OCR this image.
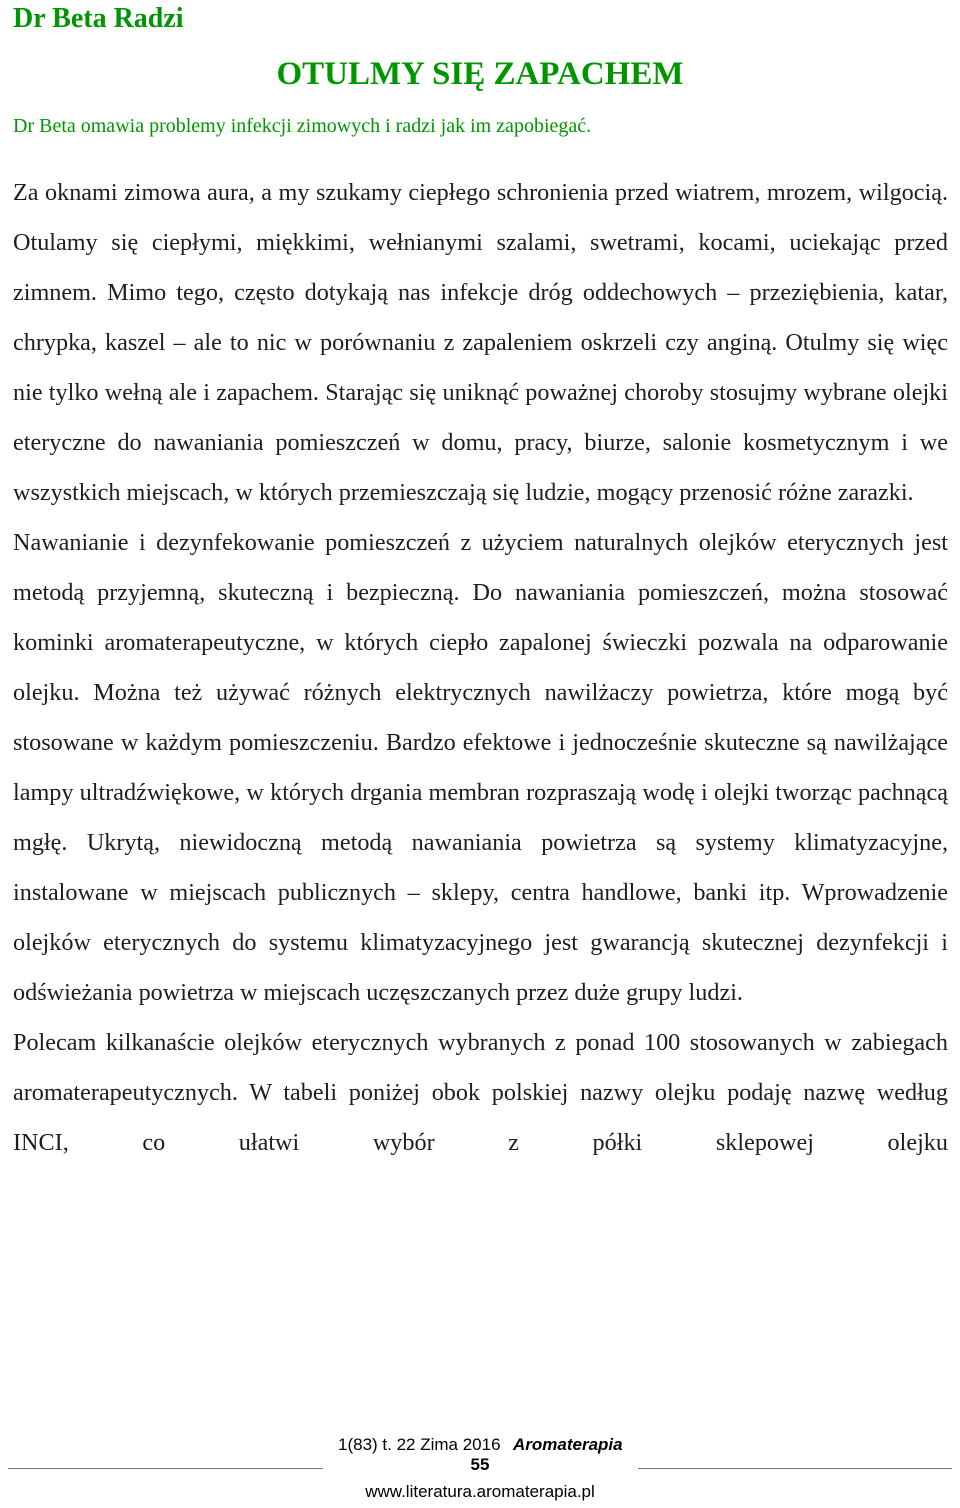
Dr Beta Radzi
OTULMY SIĘ ZAPACHEM

Dr Beta omawia problemy infekcji zimowych i radzi jak im zapobiegać.

Za oknami zimowa aura, a my szukamy ciepłego schronienia przed wiatrem, mrozem, wilgocią. Otulamy się ciepłymi, miękkimi, wełnianymi szalami, swetrami, kocami, uciekając przed zimnem. Mimo tego, często dotykają nas infekcje dróg oddechowych – przeziębienia, katar, chrypka, kaszel – ale to nic w porównaniu z zapaleniem oskrzeli czy anginą. Otulmy się więc nie tylko wełną ale i zapachem. Starając się uniknąć poważnej choroby stosujmy wybrane olejki eteryczne do nawaniania pomieszczeń w domu, pracy, biurze, salonie kosmetycznym i we wszystkich miejscach, w których przemieszczają się ludzie, mogący przenosić różne zarazki.

Nawanianie i dezynfekowanie pomieszczeń z użyciem naturalnych olejków eterycznych jest metodą przyjemną, skuteczną i bezpieczną. Do nawaniania pomieszczeń, można stosować kominki aromaterapeutyczne, w których ciepło zapalonej świeczki pozwala na odparowanie olejku. Można też używać różnych elektrycznych nawilżaczy powietrza, które mogą być stosowane w każdym pomieszczeniu. Bardzo efektowe i jednocześnie skuteczne są nawilżające lampy ultradźwiękowe, w których drgania membran rozpraszają wodę i olejki tworząc pachnącą mgłę. Ukrytą, niewidoczną metodą nawaniania powietrza są systemy klimatyzacyjne, instalowane w miejscach publicznych – sklepy, centra handlowe, banki itp. Wprowadzenie olejków eterycznych do systemu klimatyzacyjnego jest gwarancją skutecznej dezynfekcji i odświeżania powietrza w miejscach uczęszczanych przez duże grupy ludzi.

Polecam kilkanaście olejków eterycznych wybranych z ponad 100 stosowanych w zabiegach aromaterapeutycznych. W tabeli poniżej obok polskiej nazwy olejku podaję nazwę według INCI, co ułatwi wybór z półki sklepowej olejku

1(83) t. 22 Zima 2016 Aromaterapia
55
www.literatura.aromaterapia.pl
